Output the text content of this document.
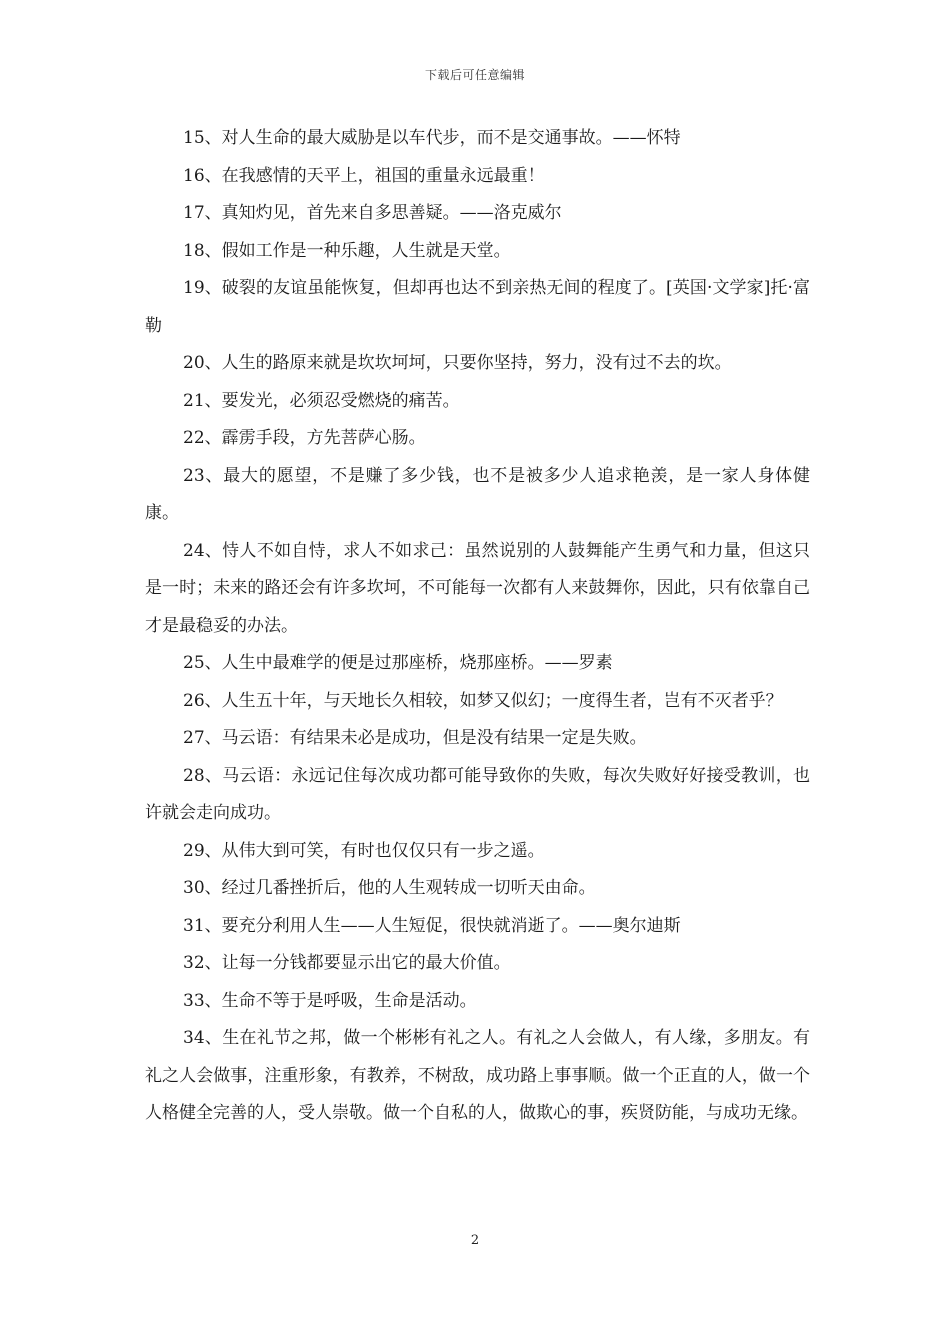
下载后可任意编辑

15、对人生命的最大威胁是以车代步，而不是交通事故。——怀特

16、在我感情的天平上，祖国的重量永远最重！

17、真知灼见，首先来自多思善疑。——洛克威尔

18、假如工作是一种乐趣，人生就是天堂。

19、破裂的友谊虽能恢复，但却再也达不到亲热无间的程度了。[英国·文学家]托·富勒

20、人生的路原来就是坎坎坷坷，只要你坚持，努力，没有过不去的坎。

21、要发光，必须忍受燃烧的痛苦。

22、霹雳手段，方先菩萨心肠。

23、最大的愿望，不是赚了多少钱，也不是被多少人追求艳羡，是一家人身体健康。

24、恃人不如自恃，求人不如求己：虽然说别的人鼓舞能产生勇气和力量，但这只是一时；未来的路还会有许多坎坷，不可能每一次都有人来鼓舞你，因此，只有依靠自己才是最稳妥的办法。

25、人生中最难学的便是过那座桥，烧那座桥。——罗素

26、人生五十年，与天地长久相较，如梦又似幻；一度得生者，岂有不灭者乎？

27、马云语：有结果未必是成功，但是没有结果一定是失败。

28、马云语：永远记住每次成功都可能导致你的失败，每次失败好好接受教训，也许就会走向成功。

29、从伟大到可笑，有时也仅仅只有一步之遥。

30、经过几番挫折后，他的人生观转成一切听天由命。

31、要充分利用人生——人生短促，很快就消逝了。——奥尔迪斯

32、让每一分钱都要显示出它的最大价值。

33、生命不等于是呼吸，生命是活动。

34、生在礼节之邦，做一个彬彬有礼之人。有礼之人会做人，有人缘，多朋友。有礼之人会做事，注重形象，有教养，不树敌，成功路上事事顺。做一个正直的人，做一个人格健全完善的人，受人崇敬。做一个自私的人，做欺心的事，疾贤防能，与成功无缘。

2
